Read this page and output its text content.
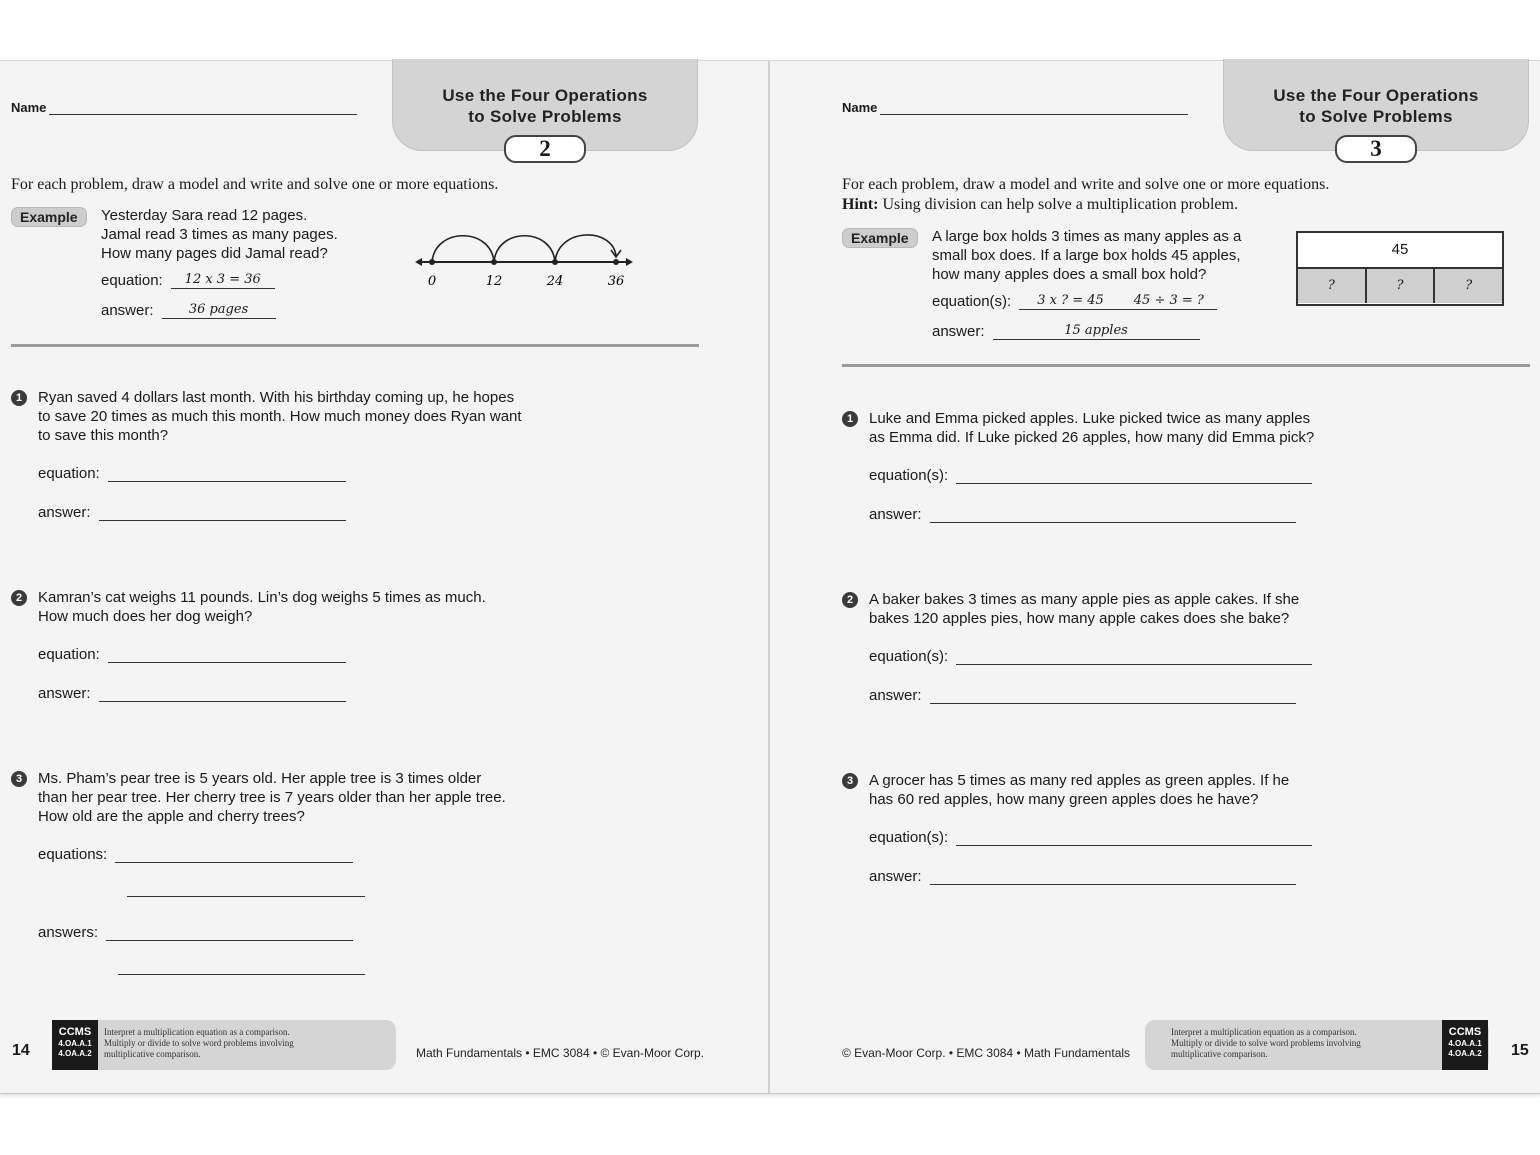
Name
Use the Four Operations
to Solve Problems
2
For each problem, draw a model and write and solve one or more equations.
Example	Yesterday Sara read 12 pages.
Jamal read 3 times as many pages.
How many pages did Jamal read?
equation:	12 x 3 = 36
answer:	36 pages
0	12	24	36
1	Ryan saved 4 dollars last month. With his birthday coming up, he hopes
to save 20 times as much this month. How much money does Ryan want
to save this month?
equation:
answer:
2	Kamran’s cat weighs 11 pounds. Lin’s dog weighs 5 times as much.
How much does her dog weigh?
equation:
answer:
3	Ms. Pham’s pear tree is 5 years old. Her apple tree is 3 times older
than her pear tree. Her cherry tree is 7 years older than her apple tree.
How old are the apple and cherry trees?
equations:
answers:
14
CCMS
4.OA.A.1
4.OA.A.2
Interpret a multiplication equation as a comparison.
Multiply or divide to solve word problems involving
multiplicative comparison.	Math Fundamentals • EMC 3084 • © Evan-Moor Corp.
Name
Use the Four Operations
to Solve Problems
3
For each problem, draw a model and write and solve one or more equations.
Hint: Using division can help solve a multiplication problem.
Example	A large box holds 3 times as many apples as a
small box does. If a large box holds 45 apples,
how many apples does a small box hold?
equation(s):	3 x ? = 45 45 ÷ 3 = ?
answer:	15 apples
45
?	?	?
1	Luke and Emma picked apples. Luke picked twice as many apples
as Emma did. If Luke picked 26 apples, how many did Emma pick?
equation(s):
answer:
2	A baker bakes 3 times as many apple pies as apple cakes. If she
bakes 120 apples pies, how many apple cakes does she bake?
equation(s):
answer:
3	A grocer has 5 times as many red apples as green apples. If he
has 60 red apples, how many green apples does he have?
equation(s):
answer:
© Evan-Moor Corp. • EMC 3084 • Math Fundamentals
Interpret a multiplication equation as a comparison.
Multiply or divide to solve word problems involving
multiplicative comparison.
CCMS
4.OA.A.1
4.OA.A.2	15
